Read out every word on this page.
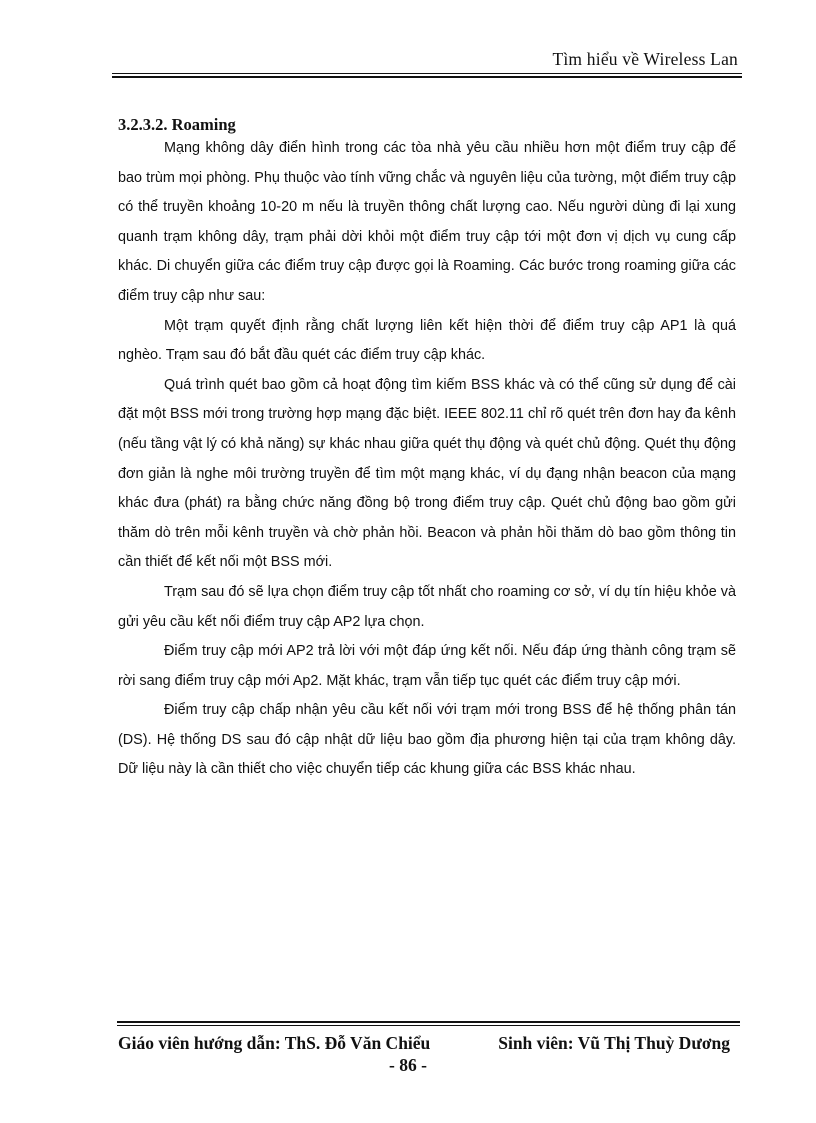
Tìm hiểu về Wireless Lan
3.2.3.2. Roaming

Mạng không dây điển hình trong các tòa nhà yêu cầu nhiều hơn một điểm truy cập để bao trùm mọi phòng. Phụ thuộc vào tính vững chắc và nguyên liệu của tường, một điểm truy cập có thể truyền khoảng 10-20 m nếu là truyền thông chất lượng cao. Nếu người dùng đi lại xung quanh trạm không dây, trạm phải dời khỏi một điểm truy cập tới một đơn vị dịch vụ cung cấp khác. Di chuyển giữa các điểm truy cập được gọi là Roaming. Các bước trong roaming giữa các điểm truy cập như sau:

Một trạm quyết định rằng chất lượng liên kết hiện thời để điểm truy cập AP1 là quá nghèo. Trạm sau đó bắt đầu quét các điểm truy cập khác.

Quá trình quét bao gồm cả hoạt động tìm kiếm BSS khác và có thể cũng sử dụng để cài đặt một BSS mới trong trường hợp mạng đặc biệt. IEEE 802.11 chỉ rõ quét trên đơn hay đa kênh (nếu tầng vật lý có khả năng) sự khác nhau giữa quét thụ động và quét chủ động. Quét thụ động đơn giản là nghe môi trường truyền để tìm một mạng khác, ví dụ đạng nhận beacon của mạng khác đưa (phát) ra bằng chức năng đồng bộ trong điểm truy cập. Quét chủ động bao gồm gửi thăm dò trên mỗi kênh truyền và chờ phản hồi. Beacon và phản hồi thăm dò bao gồm thông tin cần thiết để kết nối một BSS mới.

Trạm sau đó sẽ lựa chọn điểm truy cập tốt nhất cho roaming cơ sở, ví dụ tín hiệu khỏe và gửi yêu cầu kết nối điểm truy cập AP2 lựa chọn.

Điểm truy cập mới AP2 trả lời với một đáp ứng kết nối. Nếu đáp ứng thành công trạm sẽ rời sang điểm truy cập mới Ap2. Mặt khác, trạm vẫn tiếp tục quét các điểm truy cập mới.

Điểm truy cập chấp nhận yêu cầu kết nối với trạm mới trong BSS để hệ thống phân tán (DS). Hệ thống DS sau đó cập nhật dữ liệu bao gồm địa phương hiện tại của trạm không dây. Dữ liệu này là cần thiết cho việc chuyển tiếp các khung giữa các BSS khác nhau.

Giáo viên hướng dẫn: ThS. Đỗ Văn Chiểu	Sinh viên: Vũ Thị Thuỳ Dương
- 86 -
